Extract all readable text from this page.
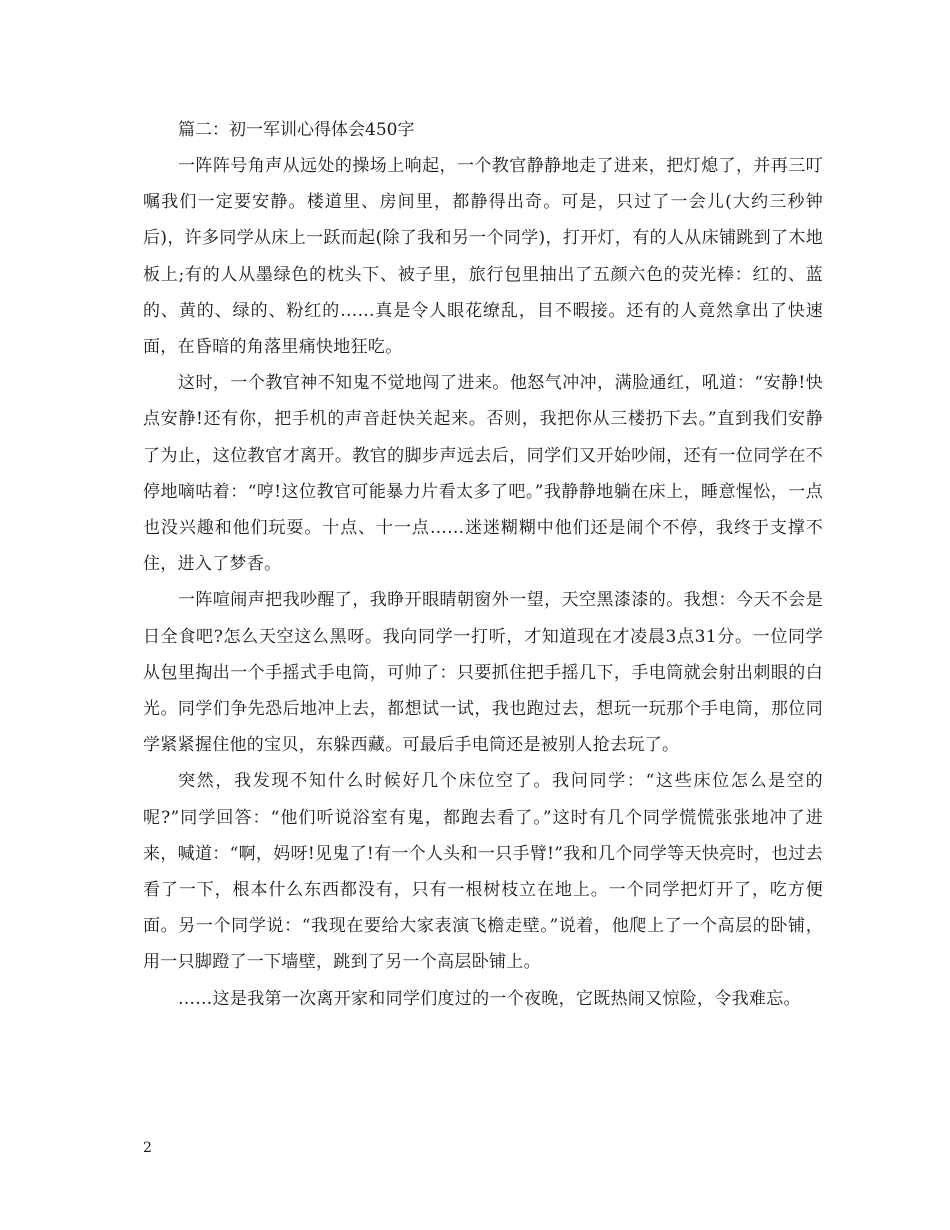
篇二：初一军训心得体会450字

一阵阵号角声从远处的操场上响起，一个教官静静地走了进来，把灯熄了，并再三叮嘱我们一定要安静。楼道里、房间里，都静得出奇。可是，只过了一会儿(大约三秒钟后)，许多同学从床上一跃而起(除了我和另一个同学)，打开灯，有的人从床铺跳到了木地板上;有的人从墨绿色的枕头下、被子里，旅行包里抽出了五颜六色的荧光棒：红的、蓝的、黄的、绿的、粉红的……真是令人眼花缭乱，目不暇接。还有的人竟然拿出了快速面，在昏暗的角落里痛快地狂吃。

这时，一个教官神不知鬼不觉地闯了进来。他怒气冲冲，满脸通红，吼道：“安静!快点安静!还有你，把手机的声音赶快关起来。否则，我把你从三楼扔下去。”直到我们安静了为止，这位教官才离开。教官的脚步声远去后，同学们又开始吵闹，还有一位同学在不停地嘀咕着：“哼!这位教官可能暴力片看太多了吧。”我静静地躺在床上，睡意惺忪，一点也没兴趣和他们玩耍。十点、十一点……迷迷糊糊中他们还是闹个不停，我终于支撑不住，进入了梦香。

一阵喧闹声把我吵醒了，我睁开眼睛朝窗外一望，天空黑漆漆的。我想：今天不会是日全食吧?怎么天空这么黑呀。我向同学一打听，才知道现在才凌晨3点31分。一位同学从包里掏出一个手摇式手电筒，可帅了：只要抓住把手摇几下，手电筒就会射出刺眼的白光。同学们争先恐后地冲上去，都想试一试，我也跑过去，想玩一玩那个手电筒，那位同学紧紧握住他的宝贝，东躲西藏。可最后手电筒还是被别人抢去玩了。

突然，我发现不知什么时候好几个床位空了。我问同学：“这些床位怎么是空的呢?”同学回答：“他们听说浴室有鬼，都跑去看了。”这时有几个同学慌慌张张地冲了进来，喊道：“啊，妈呀!见鬼了!有一个人头和一只手臂!”我和几个同学等天快亮时，也过去看了一下，根本什么东西都没有，只有一根树枝立在地上。一个同学把灯开了，吃方便面。另一个同学说：“我现在要给大家表演飞檐走壁。”说着，他爬上了一个高层的卧铺，用一只脚蹬了一下墙壁，跳到了另一个高层卧铺上。

……这是我第一次离开家和同学们度过的一个夜晚，它既热闹又惊险，令我难忘。

2
